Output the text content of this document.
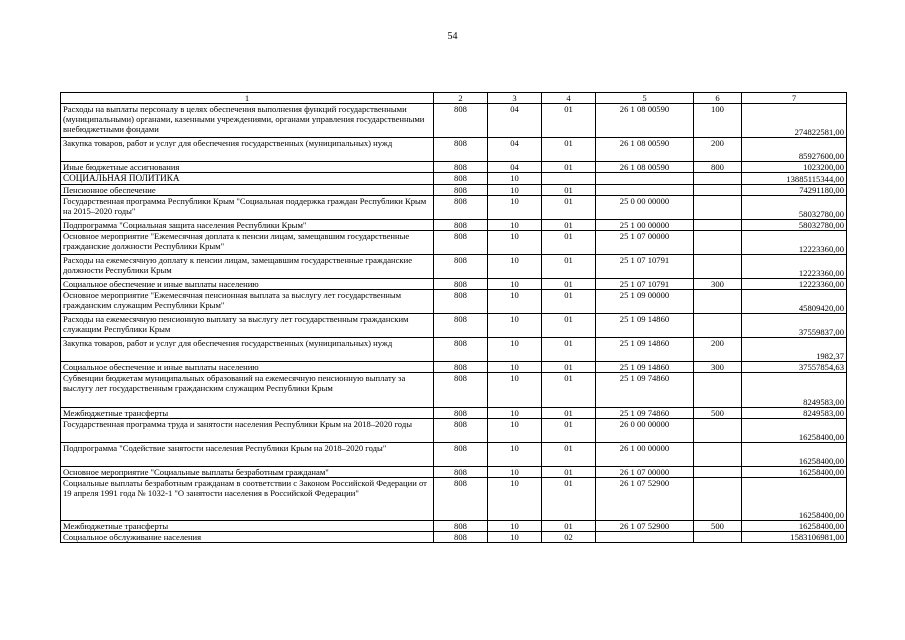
54
1	2	3	4	5	6	7
Расходы на выплаты персоналу в целях обеспечения выполнения функций государственными (муниципальными) органами, казенными учреждениями, органами управления государственными внебюджетными фондами	808	04	01	26 1 08 00590	100	274822581,00
Закупка товаров, работ и услуг для обеспечения государственных (муниципальных) нужд	808	04	01	26 1 08 00590	200	85927600,00
Иные бюджетные ассигнования	808	04	01	26 1 08 00590	800	1023200,00
СОЦИАЛЬНАЯ ПОЛИТИКА	808	10				13885115344,00
Пенсионное обеспечение	808	10	01			74291180,00
Государственная программа Республики Крым "Социальная поддержка граждан Республики Крым на 2015–2020 годы"	808	10	01	25 0 00 00000		58032780,00
Подпрограмма "Социальная защита населения Республики Крым"	808	10	01	25 1 00 00000		58032780,00
Основное мероприятие "Ежемесячная доплата к пенсии лицам, замещавшим государственные гражданские должности Республики Крым"	808	10	01	25 1 07 00000		12223360,00
Расходы на ежемесячную доплату к пенсии лицам, замещавшим государственные гражданские должности Республики Крым	808	10	01	25 1 07 10791		12223360,00
Социальное обеспечение и иные выплаты населению	808	10	01	25 1 07 10791	300	12223360,00
Основное мероприятие "Ежемесячная пенсионная выплата за выслугу лет государственным гражданским служащим Республики Крым"	808	10	01	25 1 09 00000		45809420,00
Расходы на ежемесячную пенсионную выплату за выслугу лет государственным гражданским служащим Республики Крым	808	10	01	25 1 09 14860		37559837,00
Закупка товаров, работ и услуг для обеспечения государственных (муниципальных) нужд	808	10	01	25 1 09 14860	200	1982,37
Социальное обеспечение и иные выплаты населению	808	10	01	25 1 09 14860	300	37557854,63
Субвенции бюджетам муниципальных образований на ежемесячную пенсионную выплату за выслугу лет государственным гражданским служащим Республики Крым	808	10	01	25 1 09 74860		8249583,00
Межбюджетные трансферты	808	10	01	25 1 09 74860	500	8249583,00
Государственная программа труда и занятости населения Республики Крым на 2018–2020 годы	808	10	01	26 0 00 00000		16258400,00
Подпрограмма "Содействие занятости населения Республики Крым на 2018–2020 годы"	808	10	01	26 1 00 00000		16258400,00
Основное мероприятие "Социальные выплаты безработным гражданам"	808	10	01	26 1 07 00000		16258400,00
Социальные выплаты безработным гражданам в соответствии с Законом Российской Федерации от 19 апреля 1991 года № 1032-1 "О занятости населения в Российской Федерации"	808	10	01	26 1 07 52900		16258400,00
Межбюджетные трансферты	808	10	01	26 1 07 52900	500	16258400,00
Социальное обслуживание населения	808	10	02			1583106981,00
